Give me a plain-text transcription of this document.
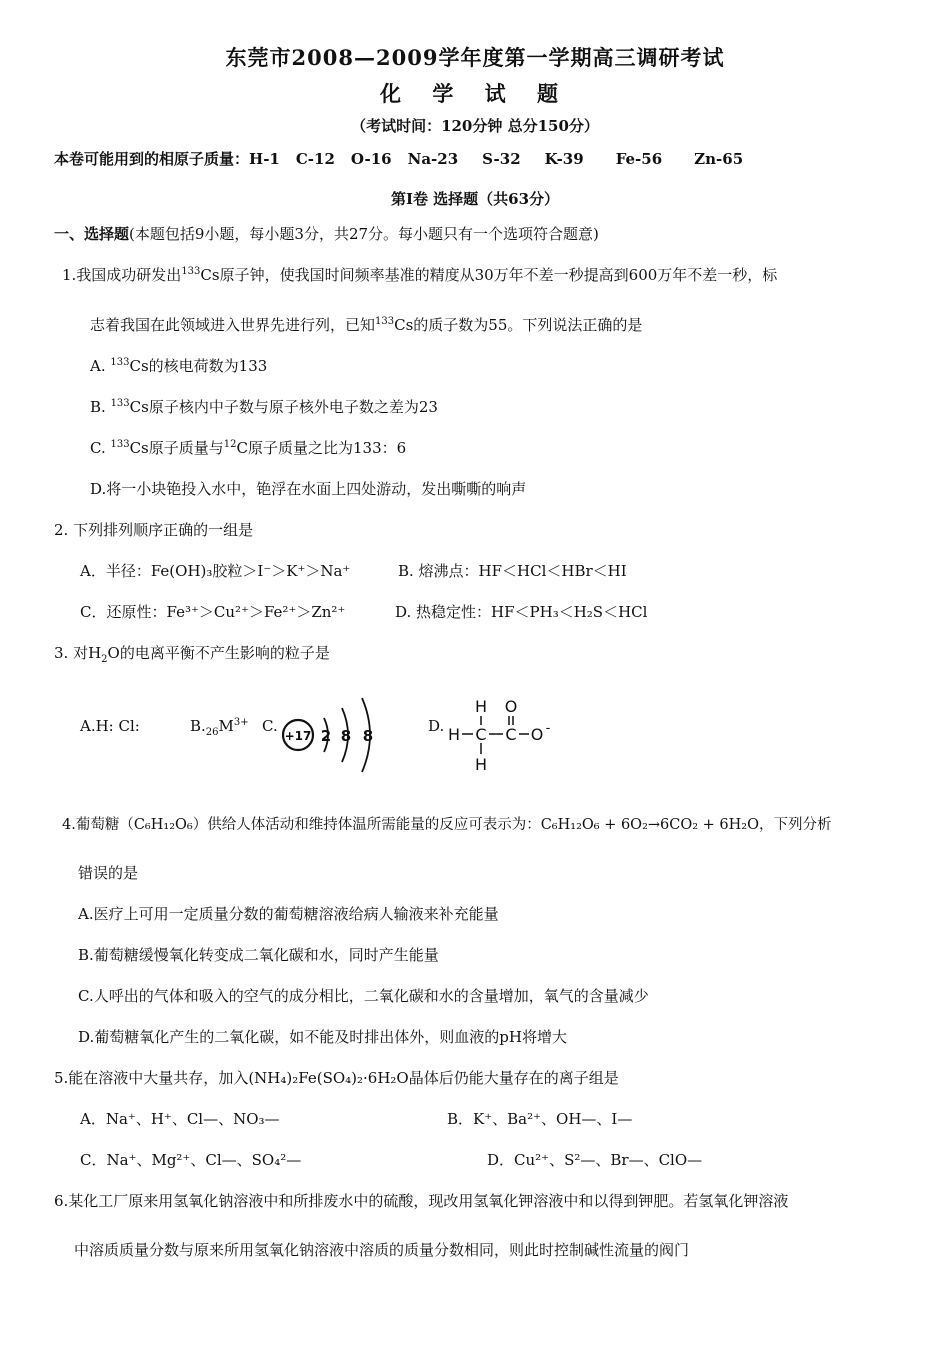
东莞市2008—2009学年度第一学期高三调研考试
化 学 试 题
（考试时间：120分钟 总分150分）
本卷可能用到的相原子质量：H-1 C-12 O-16 Na-23 S-32 K-39 Fe-56 Zn-65
第Ⅰ卷 选择题（共63分）
一、选择题(本题包括9小题，每小题3分，共27分。每小题只有一个选项符合题意)
1.我国成功研发出$^{133}$Cs原子钟，使我国时间频率基准的精度从30万年不差一秒提高到600万年不差一秒，标
志着我国在此领域进入世界先进行列，已知$^{133}$Cs的质子数为55。下列说法正确的是
A. $^{133}$Cs的核电荷数为133
B. $^{133}$Cs原子核内中子数与原子核外电子数之差为23
C. $^{133}$Cs原子质量与$^{12}$C原子质量之比为133：6
D.将一小块铯投入水中，铯浮在水面上四处游动，发出嘶嘶的响声
2. 下列排列顺序正确的一组是
A．半径：Fe(OH)₃胶粒＞I⁻＞K⁺＞Na⁺	B. 熔沸点：HF＜HCl＜HBr＜HI
C．还原性：Fe³⁺＞Cu²⁺＞Fe²⁺＞Zn²⁺	D. 热稳定性：HF＜PH₃＜H₂S＜HCl
3. 对$H_2O$的电离平衡不产生影响的粒子是
A.H: Cl:	$B._{26}M^{3+}$ C.
+17 2 8 8
D.
H
H C C
H
O
O -
4.葡萄糖（C₆H₁₂O₆）供给人体活动和维持体温所需能量的反应可表示为：C₆H₁₂O₆ + 6O₂→6CO₂ + 6H₂O，下列分析
错误的是
A.医疗上可用一定质量分数的葡萄糖溶液给病人输液来补充能量
B.葡萄糖缓慢氧化转变成二氧化碳和水，同时产生能量
C.人呼出的气体和吸入的空气的成分相比，二氧化碳和水的含量增加，氧气的含量减少
D.葡萄糖氧化产生的二氧化碳，如不能及时排出体外，则血液的pH将增大
5.能在溶液中大量共存，加入(NH₄)₂Fe(SO₄)₂·6H₂O晶体后仍能大量存在的离子组是
A．Na⁺、H⁺、Cl—、NO₃—	B．K⁺、Ba²⁺、OH—、I—
C．Na⁺、Mg²⁺、Cl—、SO₄²—	D．Cu²⁺、S²—、Br—、ClO—
6.某化工厂原来用氢氧化钠溶液中和所排废水中的硫酸，现改用氢氧化钾溶液中和以得到钾肥。若氢氧化钾溶液
中溶质质量分数与原来所用氢氧化钠溶液中溶质的质量分数相同，则此时控制碱性流量的阀门
